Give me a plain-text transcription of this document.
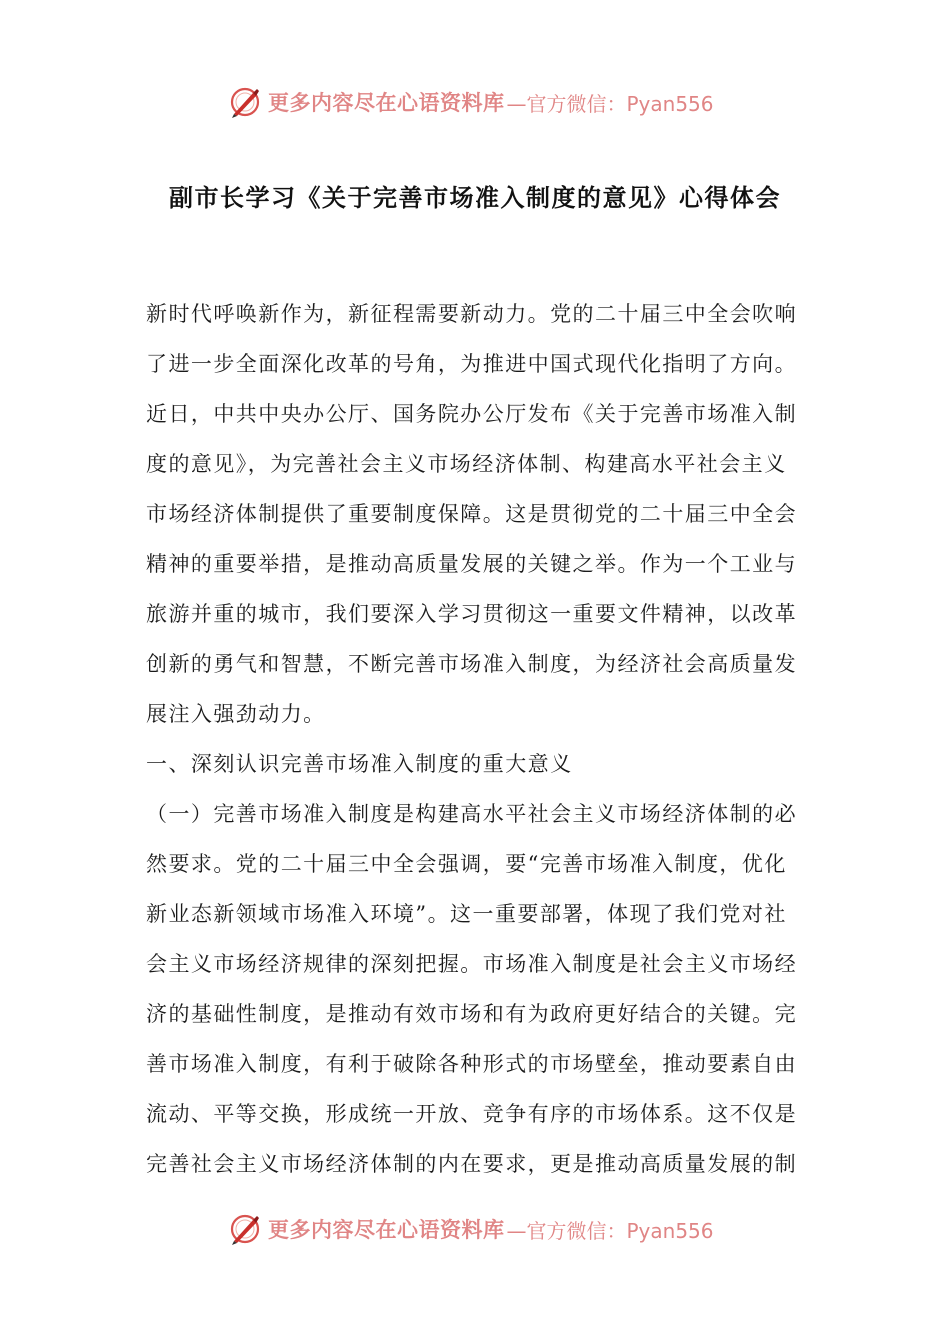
更多内容尽在心语资料库 —官方微信：Pyan556
副市长学习《关于完善市场准入制度的意见》心得体会
新时代呼唤新作为，新征程需要新动力。党的二十届三中全会吹响
了进一步全面深化改革的号角，为推进中国式现代化指明了方向。
近日，中共中央办公厅、国务院办公厅发布《关于完善市场准入制
度的意见》，为完善社会主义市场经济体制、构建高水平社会主义
市场经济体制提供了重要制度保障。这是贯彻党的二十届三中全会
精神的重要举措，是推动高质量发展的关键之举。作为一个工业与
旅游并重的城市，我们要深入学习贯彻这一重要文件精神，以改革
创新的勇气和智慧，不断完善市场准入制度，为经济社会高质量发
展注入强劲动力。
一、深刻认识完善市场准入制度的重大意义
（一）完善市场准入制度是构建高水平社会主义市场经济体制的必
然要求。党的二十届三中全会强调，要“完善市场准入制度，优化
新业态新领域市场准入环境”。这一重要部署，体现了我们党对社
会主义市场经济规律的深刻把握。市场准入制度是社会主义市场经
济的基础性制度，是推动有效市场和有为政府更好结合的关键。完
善市场准入制度，有利于破除各种形式的市场壁垒，推动要素自由
流动、平等交换，形成统一开放、竞争有序的市场体系。这不仅是
完善社会主义市场经济体制的内在要求，更是推动高质量发展的制
更多内容尽在心语资料库 —官方微信：Pyan556
